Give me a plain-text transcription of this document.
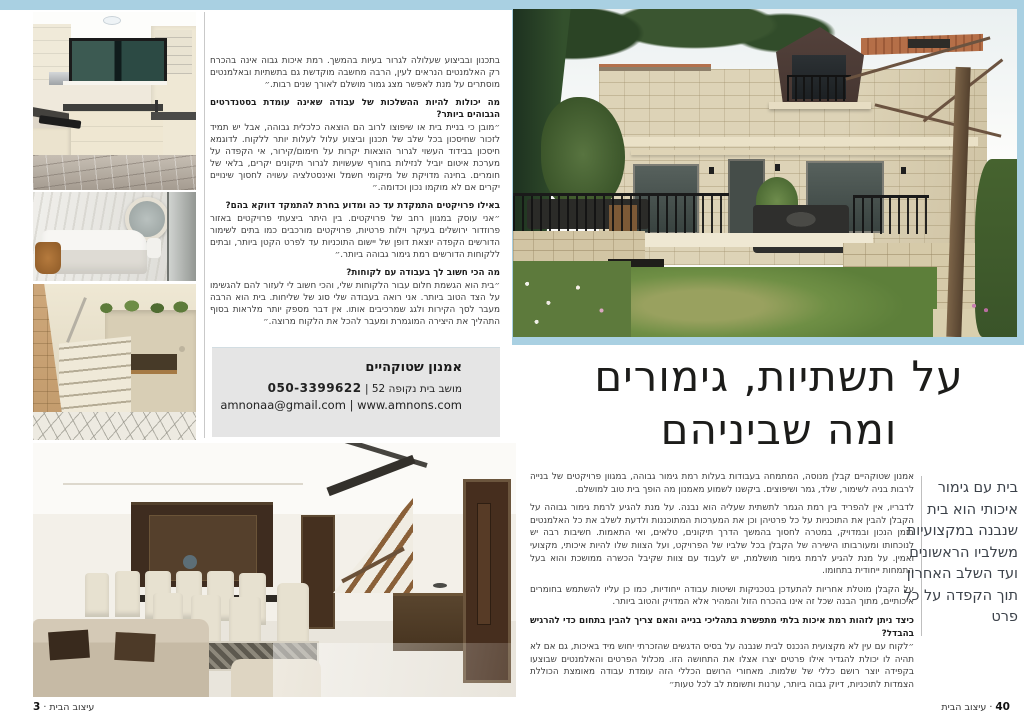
בתכנון ובביצוע שעלולה לגרור בעיות בהמשך. רמת איכות גבוה אינה בהכרח רק האלמנטים הנראים לעין, הרבה מחשבה מוקדשת גם בתשתיות ובאלמנטים מוסתרים על מנת לאפשר מצג גמור מושלם לאורך שנים רבות.״

מה יכולות להיות ההשלכות של עבודה שאינה עומדת בסטנדרטים הגבוהים ביותר?

״מובן כי בניית בית או שיפוצו לרוב הם הוצאה כלכלית גבוהה, אבל יש תמיד לזכור שחיסכון בכל שלב של תכנון וביצוע עלול לעלות יותר ללקוח. לדוגמא חיסכון בבידוד העשוי לגרור הוצאות יקרות על חימום/קירור, אי הקפדה על מערכת איטום יוביל לנזילות בחורף שעשויות לגרור תיקונים יקרים, בלאי של חומרים. בחינה מדויקת של מיקומי חשמל ואינסטלציה עשויה לחסוך שינויים יקרים אם לא מוקמו נכון וכדומה.״

באילו פרויקטים התמקדת עד כה ומדוע בחרת להתמקד דווקא בהם?

״אני עוסק במגוון רחב של פרויקטים. בין היתר ביצעתי פרויקטים באזור פרוזדור ירושלים בעיקר וילות פרטיות, פרויקטים מורכבים כמו בתים לשימור הדורשים הקפדה יוצאת דופן של יישום התוכניות עד לפרט הקטן ביותר, ובתים ללקוחות הדורשים רמת גימור גבוהה ביותר.״

מה הכי חשוב לך בעבודה עם לקוחות?

״בית הוא הגשמת חלום עבור הלקוחות שלי, והכי חשוב לי לעזור להם להגשימו על הצד הטוב ביותר. אני רואה בעבודה שלי סוג של שליחות. בית הוא הרבה מעבר לסך הקירות ולגג שמרכיבים אותו. אין דבר מספק יותר מלראות בסוף התהליך את היצירה המוגמרת ומעבר להכל את הלקוח מרוצה.״

אמנון שטוקהיים
מושב בית נקופה 52 | 050-3399622
amnonaa@gmail.com | www.amnons.com
עיצוב הבית · 3
על תשתיות, גימורים
ומה שביניהם
בית עם גימור איכותי הוא בית שנבנה במקצועיות משלביו הראשונים ועד השלב האחרון תוך הקפדה על כל פרט

אמנון שטוקהיים קבלן מנוסה, המתמחה בעבודות בעלות רמת גימור גבוהה, במגוון פרויקטים של בנייה לרבות בניה לשימור, שלד, גמר ושיפוצים. ביקשנו לשמוע מאמנון מה הופך בית טוב למושלם.

לדבריו, אין להפריד בין רמת הגמר לתשתית שעליה הוא נבנה. על מנת להגיע לרמת גימור גבוהה על הקבלן להבין את התוכניות על כל פרטיהן וכן את המערכות המתוכננות ולדעת לשלב את כל האלמנטים בזמן הנכון ובמדויק, במטרה לחסוך בהמשך הדרך תיקונים, טלאים, ואי התאמות. חשיבות רבה יש לנוכחותו ומעורבותו הישירה של הקבלן בכל שלביו של הפרויקט, ועל הצוות שלו להיות איכותי, מקצועי ואמין. על מנת להגיע לרמת גימור מושלמת, יש לעבוד עם צוות שקיבל הכשרה ממושכת והוא בעל התמחות ייחודית בתחומו.

על הקבלן מוטלת אחריות להתעדכן בטכניקות ושיטות עבודה ייחודיות, כמו כן עליו להשתמש בחומרים איכותיים, מתוך הבנה שכל זה אינו בהכרח הזול והמהיר אלא המדויק והטוב ביותר.

כיצד ניתן לזהות רמת איכות בלתי מתפשרת בתהליכי בנייה והאם צריך להבין בתחום כדי להרגיש בהבדל?

״לקוח עם עין לא מקצועית הנכנס לבית שנבנה על בסיס הדגשים שהזכרתי יחוש מיד באיכות, גם אם לא תהיה לו יכולת להגדיר אילו פרטים יצרו אצלו את התחושה הזו. מכלול הפרטים והאלמנטים שבוצעו בקפידה יוצר רושם כללי של שלמות. מאחורי הרושם הכללי הזה עומדת עבודה מאומצת הכוללת הצמדות לתוכניות, דיוק גבוה ביותר, ערנות ותשומת לב לכל טעות״

40 · עיצוב הבית
